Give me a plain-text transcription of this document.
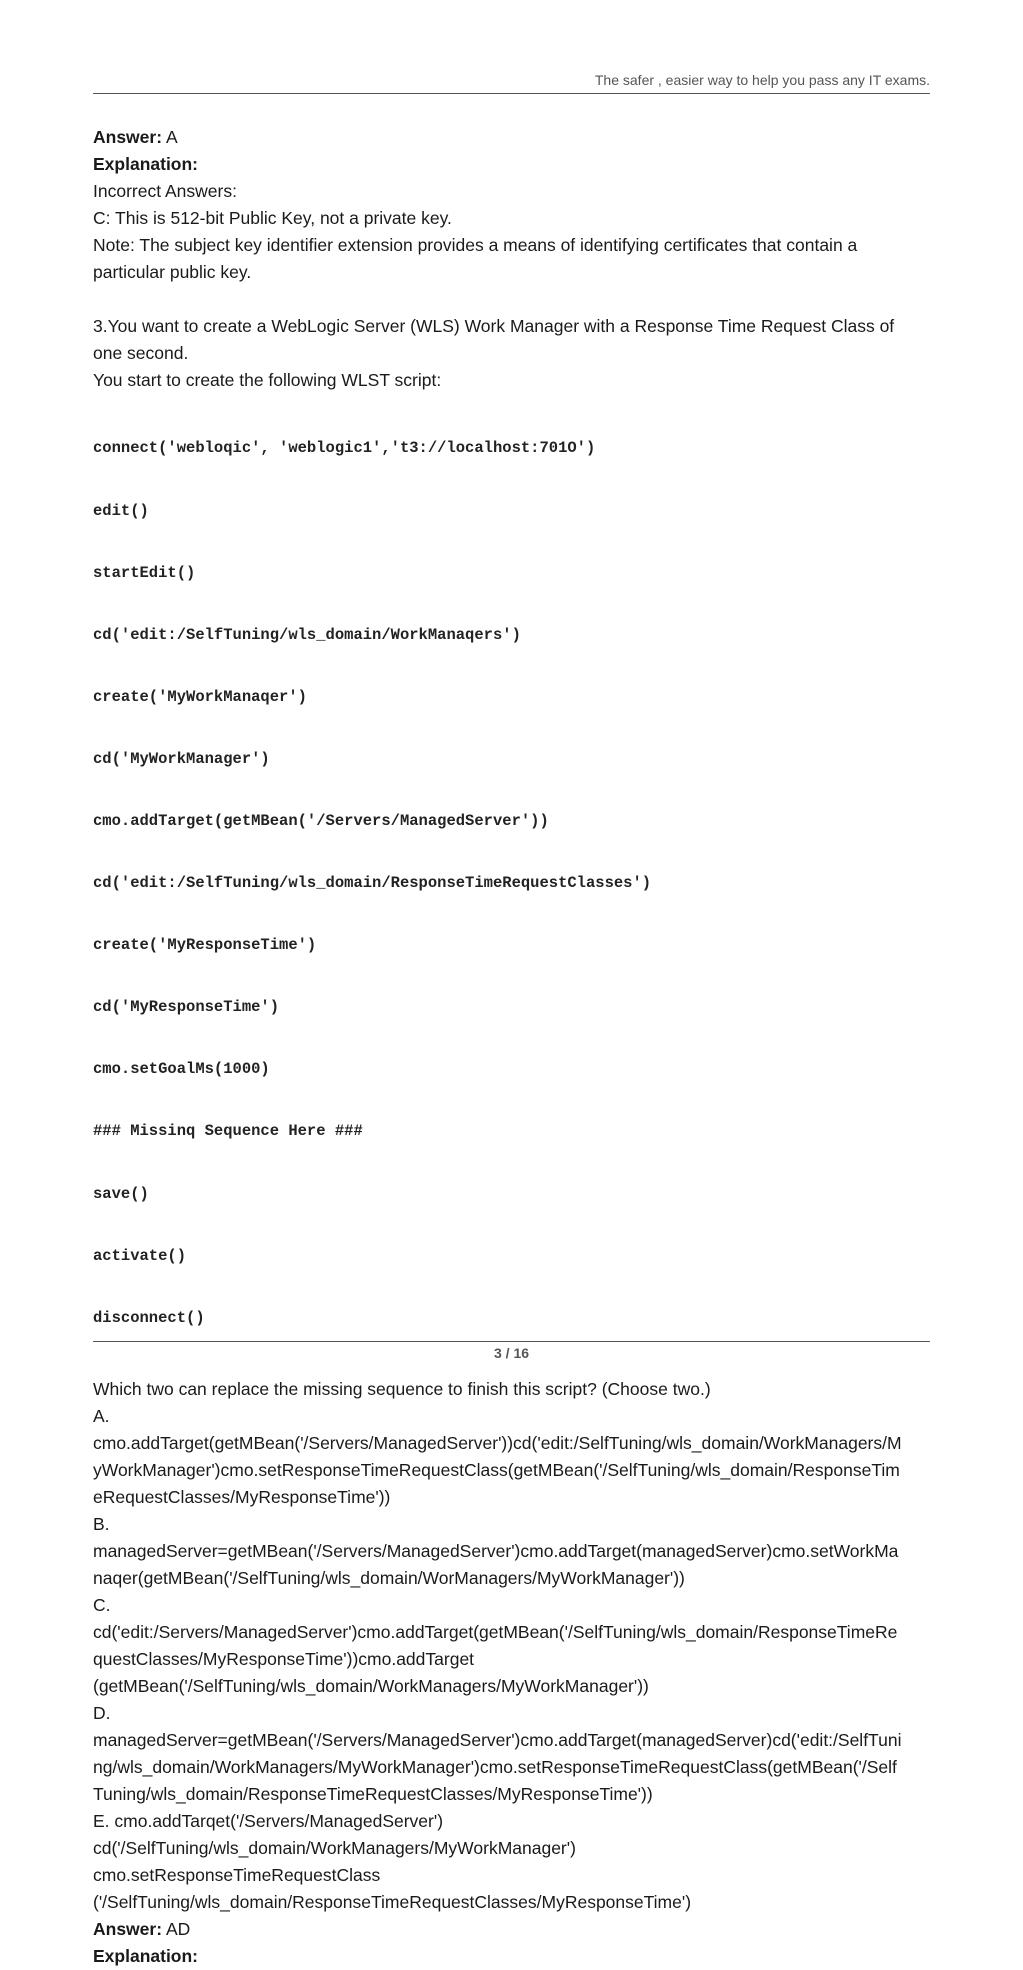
The safer , easier way to help you pass any IT exams.
Answer: A
Explanation:
Incorrect Answers:
C: This is 512-bit Public Key, not a private key.
Note: The subject key identifier extension provides a means of identifying certificates that contain a
particular public key.
3.You want to create a WebLogic Server (WLS) Work Manager with a Response Time Request Class of
one second.
You start to create the following WLST script:

connect('webloqic', 'weblogic1','t3://localhost:701O')

edit()

startEdit()

cd('edit:/SelfTuning/wls_domain/WorkManaqers')

create('MyWorkManaqer')

cd('MyWorkManager')

cmo.addTarget(getMBean('/Servers/ManagedServer'))

cd('edit:/SelfTuning/wls_domain/ResponseTimeRequestClasses')

create('MyResponseTime')

cd('MyResponseTime')

cmo.setGoalMs(1000)

### Missinq Sequence Here ###

save()

activate()

disconnect()

Which two can replace the missing sequence to finish this script? (Choose two.)
A.
cmo.addTarget(getMBean('/Servers/ManagedServer'))cd('edit:/SelfTuning/wls_domain/WorkManagers/M
yWorkManager')cmo.setResponseTimeRequestClass(getMBean('/SelfTuning/wls_domain/ResponseTim
eRequestClasses/MyResponseTime'))
B.
managedServer=getMBean('/Servers/ManagedServer')cmo.addTarget(managedServer)cmo.setWorkMa
naqer(getMBean('/SelfTuning/wls_domain/WorManagers/MyWorkManager'))
C.
cd('edit:/Servers/ManagedServer')cmo.addTarget(getMBean('/SelfTuning/wls_domain/ResponseTimeRe
questClasses/MyResponseTime'))cmo.addTarget
(getMBean('/SelfTuning/wls_domain/WorkManagers/MyWorkManager'))
D.
managedServer=getMBean('/Servers/ManagedServer')cmo.addTarget(managedServer)cd('edit:/SelfTuni
ng/wls_domain/WorkManagers/MyWorkManager')cmo.setResponseTimeRequestClass(getMBean('/Self
Tuning/wls_domain/ResponseTimeRequestClasses/MyResponseTime'))
E. cmo.addTarqet('/Servers/ManagedServer')
cd('/SelfTuning/wls_domain/WorkManagers/MyWorkManager')
cmo.setResponseTimeRequestClass
('/SelfTuning/wls_domain/ResponseTimeRequestClasses/MyResponseTime')
Answer: AD
Explanation:
3 / 16
